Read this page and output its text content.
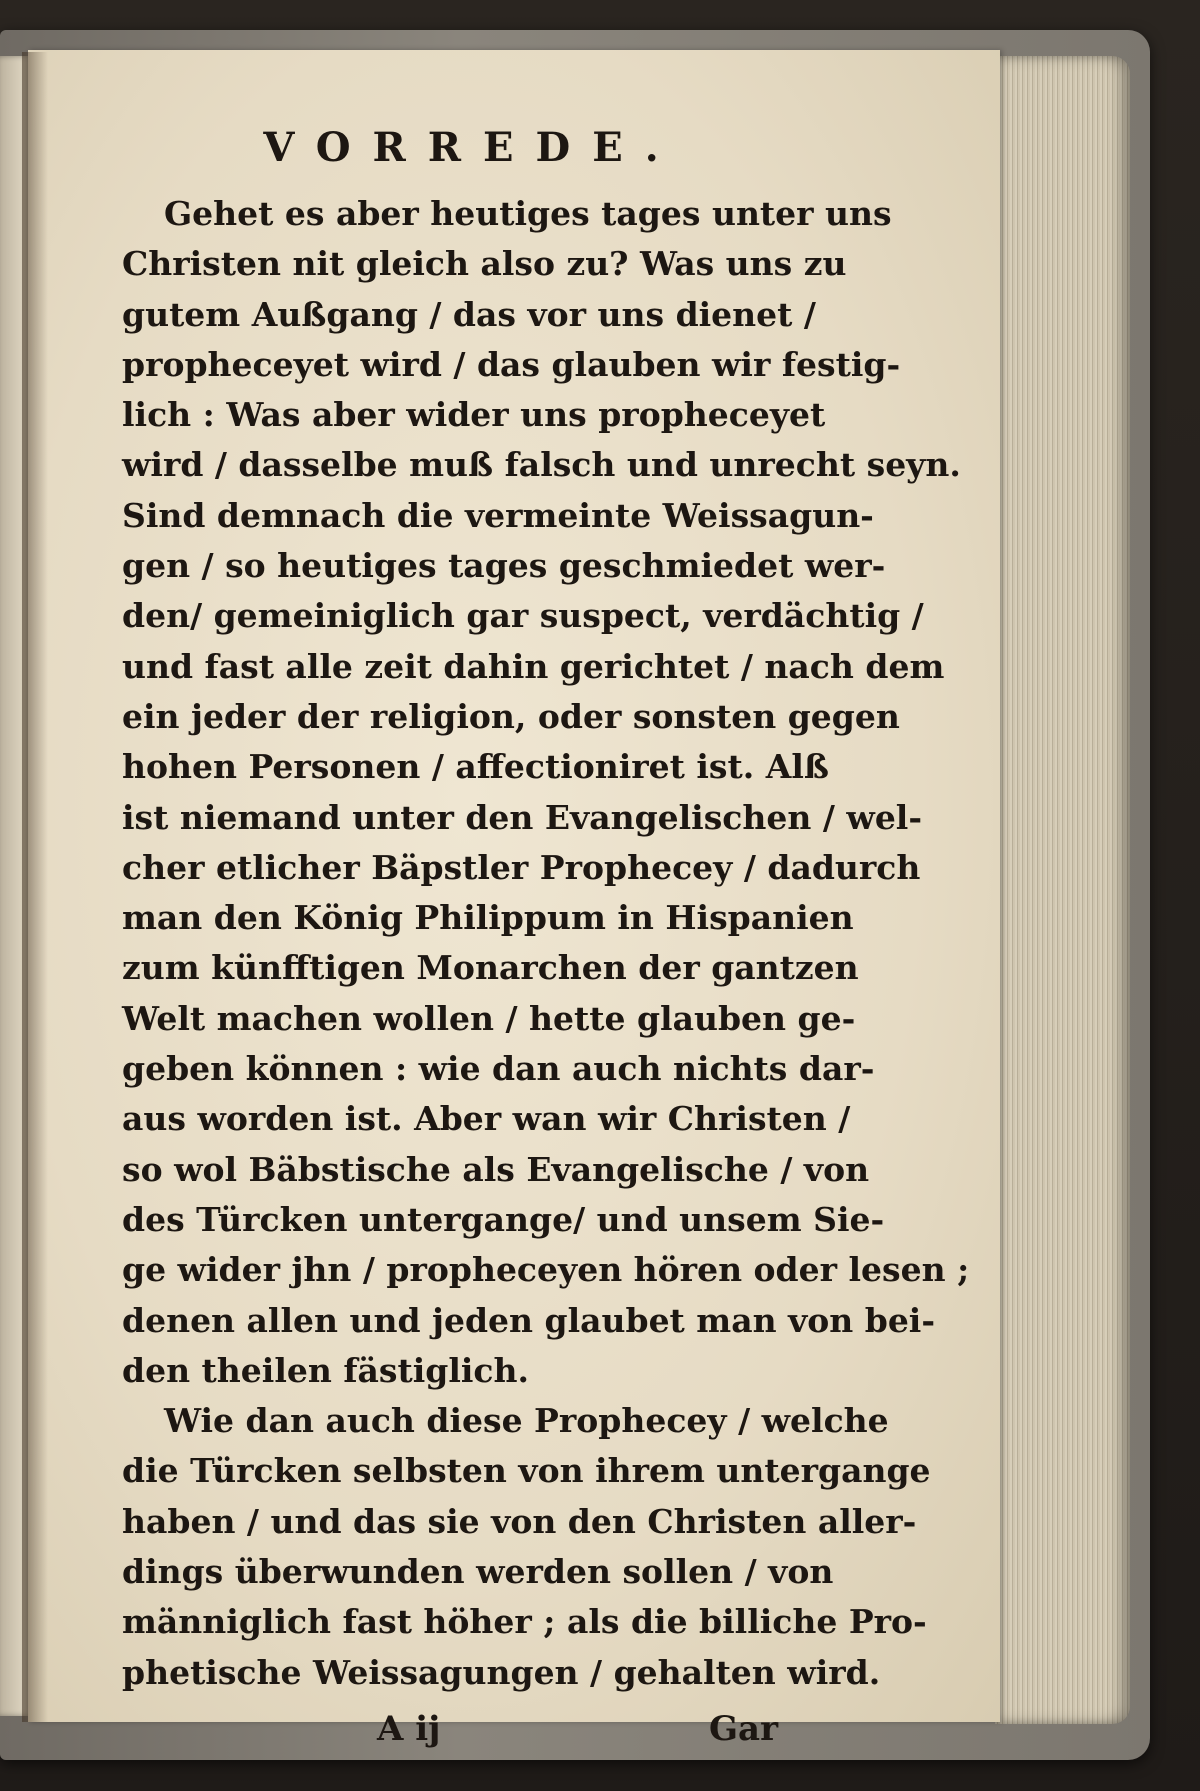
VORREDE.
Gehet es aber heutiges tages unter uns
Christen nit gleich also zu? Was uns zu
gutem Außgang / das vor uns dienet /
propheceyet wird / das glauben wir festig-
lich : Was aber wider uns propheceyet
wird / dasselbe muß falsch und unrecht seyn.
Sind demnach die vermeinte Weissagun-
gen / so heutiges tages geschmiedet wer-
den/ gemeiniglich gar suspect, verdächtig /
und fast alle zeit dahin gerichtet / nach dem
ein jeder der religion, oder sonsten gegen
hohen Personen / affectioniret ist. Alß
ist niemand unter den Evangelischen / wel-
cher etlicher Bäpstler Prophecey / dadurch
man den König Philippum in Hispanien
zum künfftigen Monarchen der gantzen
Welt machen wollen / hette glauben ge-
geben können : wie dan auch nichts dar-
aus worden ist. Aber wan wir Christen /
so wol Bäbstische als Evangelische / von
des Türcken untergange/ und unsem Sie-
ge wider jhn / propheceyen hören oder lesen ;
denen allen und jeden glaubet man von bei-
den theilen fästiglich.
Wie dan auch diese Prophecey / welche
die Türcken selbsten von ihrem untergange
haben / und das sie von den Christen aller-
dings überwunden werden sollen / von
männiglich fast höher ; als die billiche Pro-
phetische Weissagungen / gehalten wird.
A ij	Gar
